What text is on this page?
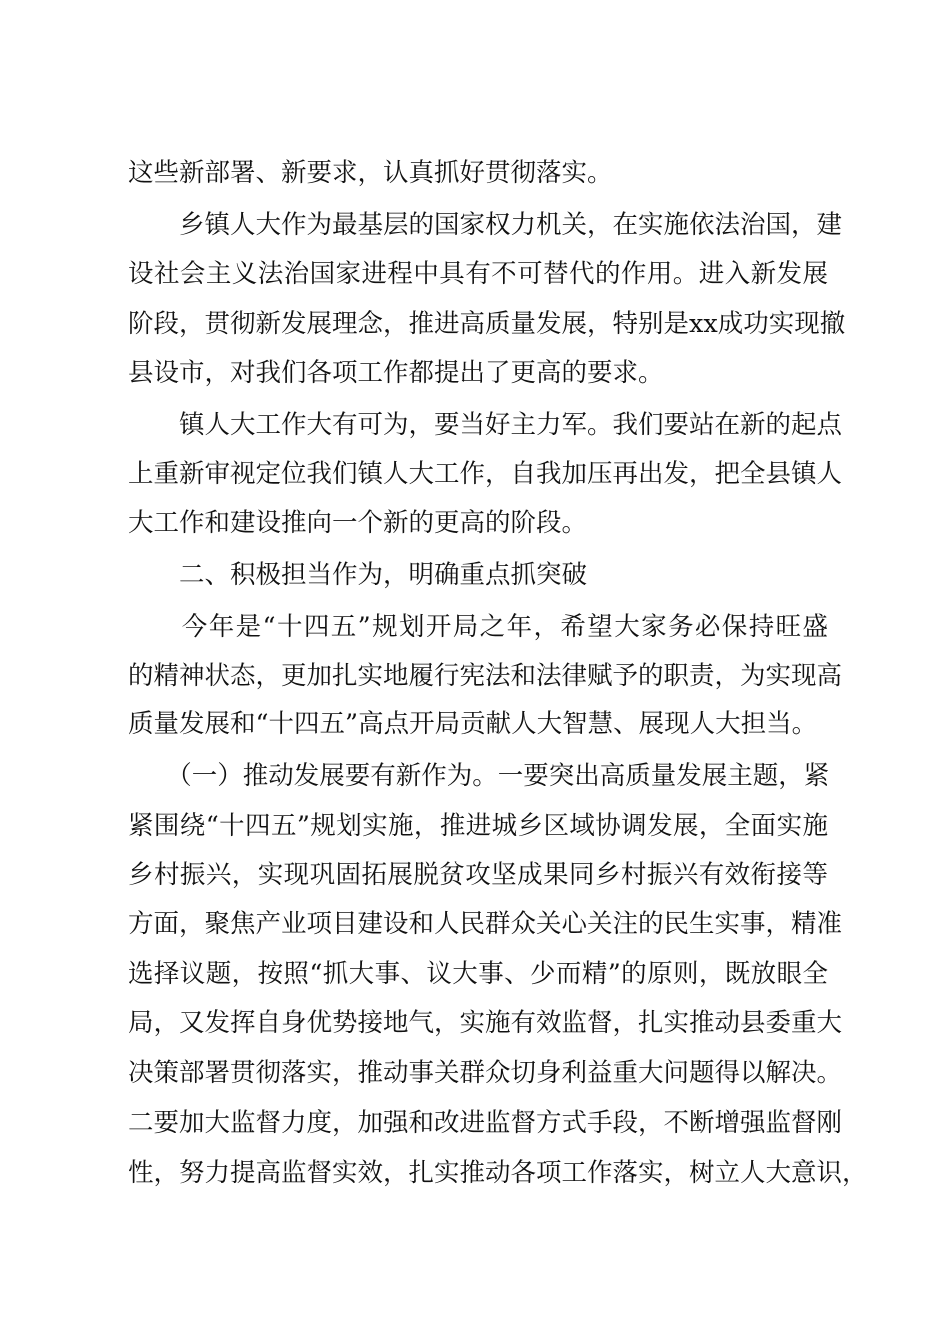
这些新部署、新要求，认真抓好贯彻落实。
　　乡镇人大作为最基层的国家权力机关，在实施依法治国，建
设社会主义法治国家进程中具有不可替代的作用。进入新发展
阶段，贯彻新发展理念，推进高质量发展，特别是xx成功实现撤
县设市，对我们各项工作都提出了更高的要求。
　　镇人大工作大有可为，要当好主力军。我们要站在新的起点
上重新审视定位我们镇人大工作，自我加压再出发，把全县镇人
大工作和建设推向一个新的更高的阶段。
　　二、积极担当作为，明确重点抓突破
　　今年是“十四五”规划开局之年，希望大家务必保持旺盛
的精神状态，更加扎实地履行宪法和法律赋予的职责，为实现高
质量发展和“十四五”高点开局贡献人大智慧、展现人大担当。
　　（一）推动发展要有新作为。一要突出高质量发展主题，紧
紧围绕“十四五”规划实施，推进城乡区域协调发展，全面实施
乡村振兴，实现巩固拓展脱贫攻坚成果同乡村振兴有效衔接等
方面，聚焦产业项目建设和人民群众关心关注的民生实事，精准
选择议题，按照“抓大事、议大事、少而精”的原则，既放眼全
局，又发挥自身优势接地气，实施有效监督，扎实推动县委重大
决策部署贯彻落实，推动事关群众切身利益重大问题得以解决。
二要加大监督力度，加强和改进监督方式手段，不断增强监督刚
性，努力提高监督实效，扎实推动各项工作落实，树立人大意识，
